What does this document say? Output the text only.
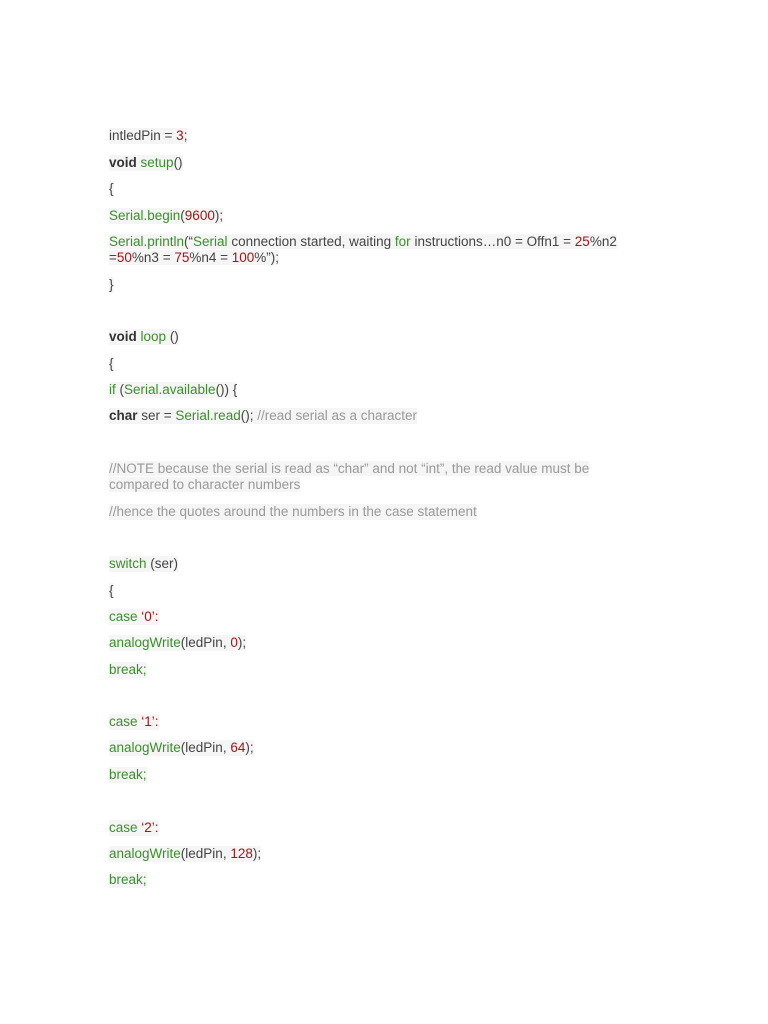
intledPin = 3;
void setup()
{
Serial.begin(9600);
Serial.println(“Serial connection started, waiting for instructions…n0 = Offn1 = 25%n2
=50%n3 = 75%n4 = 100%”);
}
void loop ()
{
if (Serial.available()) {
char ser = Serial.read(); //read serial as a character
//NOTE because the serial is read as “char” and not “int”, the read value must be compared to character numbers
//hence the quotes around the numbers in the case statement
switch (ser)
{
case ‘0’:
analogWrite(ledPin, 0);
break;
case ‘1’:
analogWrite(ledPin, 64);
break;
case ‘2’:
analogWrite(ledPin, 128);
break;
